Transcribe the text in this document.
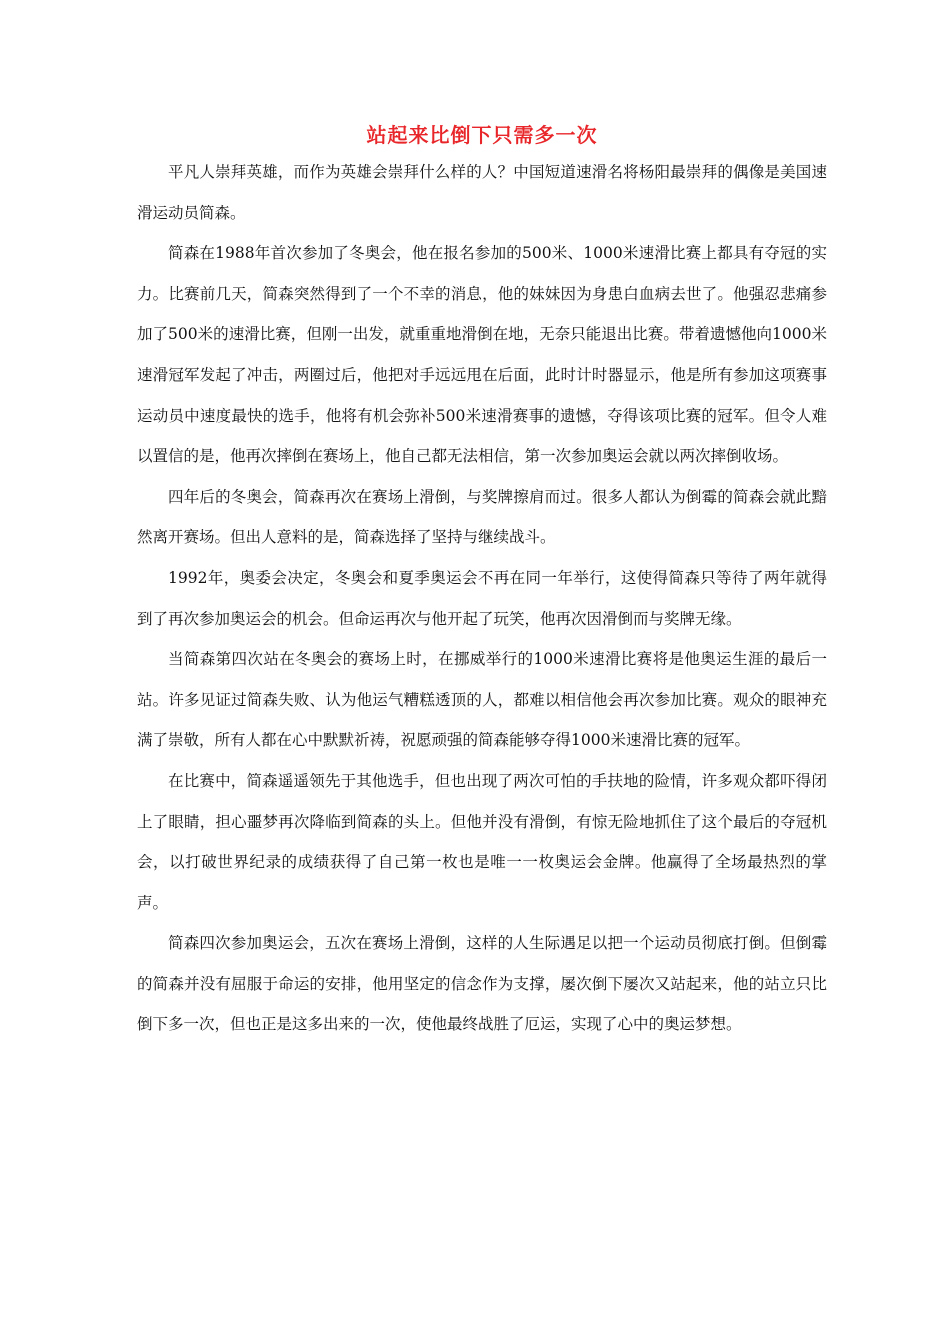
站起来比倒下只需多一次

平凡人崇拜英雄，而作为英雄会崇拜什么样的人？中国短道速滑名将杨阳最崇拜的偶像是美国速滑运动员简森。

简森在1988年首次参加了冬奥会，他在报名参加的500米、1000米速滑比赛上都具有夺冠的实力。比赛前几天，简森突然得到了一个不幸的消息，他的妹妹因为身患白血病去世了。他强忍悲痛参加了500米的速滑比赛，但刚一出发，就重重地滑倒在地，无奈只能退出比赛。带着遗憾他向1000米速滑冠军发起了冲击，两圈过后，他把对手远远甩在后面，此时计时器显示，他是所有参加这项赛事运动员中速度最快的选手，他将有机会弥补500米速滑赛事的遗憾，夺得该项比赛的冠军。但令人难以置信的是，他再次摔倒在赛场上，他自己都无法相信，第一次参加奥运会就以两次摔倒收场。

四年后的冬奥会，简森再次在赛场上滑倒，与奖牌擦肩而过。很多人都认为倒霉的简森会就此黯然离开赛场。但出人意料的是，简森选择了坚持与继续战斗。

1992年，奥委会决定，冬奥会和夏季奥运会不再在同一年举行，这使得简森只等待了两年就得到了再次参加奥运会的机会。但命运再次与他开起了玩笑，他再次因滑倒而与奖牌无缘。

当简森第四次站在冬奥会的赛场上时，在挪威举行的1000米速滑比赛将是他奥运生涯的最后一站。许多见证过简森失败、认为他运气糟糕透顶的人，都难以相信他会再次参加比赛。观众的眼神充满了崇敬，所有人都在心中默默祈祷，祝愿顽强的简森能够夺得1000米速滑比赛的冠军。

在比赛中，简森遥遥领先于其他选手，但也出现了两次可怕的手扶地的险情，许多观众都吓得闭上了眼睛，担心噩梦再次降临到简森的头上。但他并没有滑倒，有惊无险地抓住了这个最后的夺冠机会，以打破世界纪录的成绩获得了自己第一枚也是唯一一枚奥运会金牌。他赢得了全场最热烈的掌声。

简森四次参加奥运会，五次在赛场上滑倒，这样的人生际遇足以把一个运动员彻底打倒。但倒霉的简森并没有屈服于命运的安排，他用坚定的信念作为支撑，屡次倒下屡次又站起来，他的站立只比倒下多一次，但也正是这多出来的一次，使他最终战胜了厄运，实现了心中的奥运梦想。
